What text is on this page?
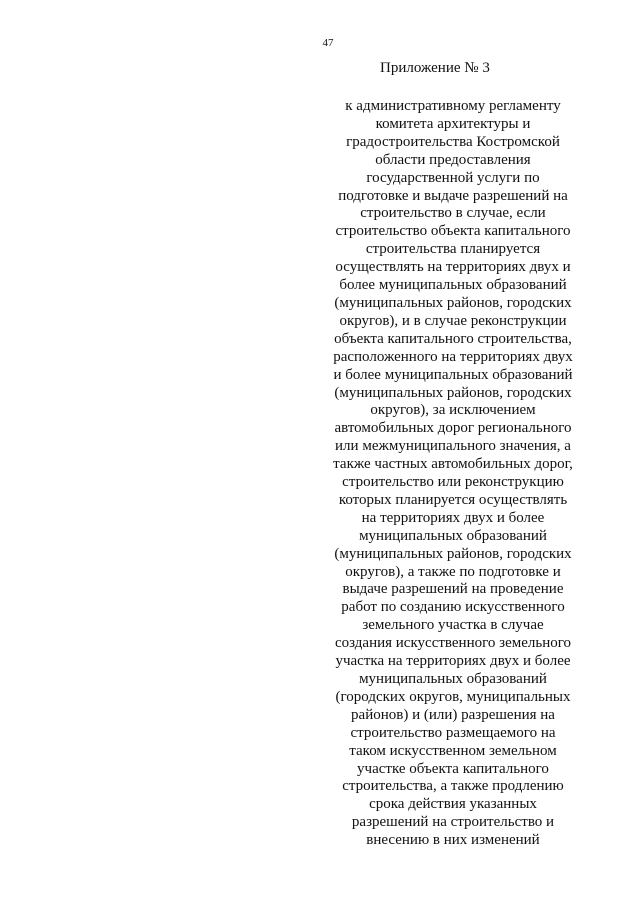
47
Приложение № 3
к административному регламенту
комитета архитектуры и
градостроительства Костромской
области предоставления
государственной услуги по
подготовке и выдаче разрешений на
строительство в случае, если
строительство объекта капитального
строительства планируется
осуществлять на территориях двух и
более муниципальных образований
(муниципальных районов, городских
округов), и в случае реконструкции
объекта капитального строительства,
расположенного на территориях двух
и более муниципальных образований
(муниципальных районов, городских
округов), за исключением
автомобильных дорог регионального
или межмуниципального значения, а
также частных автомобильных дорог,
строительство или реконструкцию
которых планируется осуществлять
на территориях двух и более
муниципальных образований
(муниципальных районов, городских
округов), а также по подготовке и
выдаче разрешений на проведение
работ по созданию искусственного
земельного участка в случае
создания искусственного земельного
участка на территориях двух и более
муниципальных образований
(городских округов, муниципальных
районов) и (или) разрешения на
строительство размещаемого на
таком искусственном земельном
участке объекта капитального
строительства, а также продлению
срока действия указанных
разрешений на строительство и
внесению в них изменений
